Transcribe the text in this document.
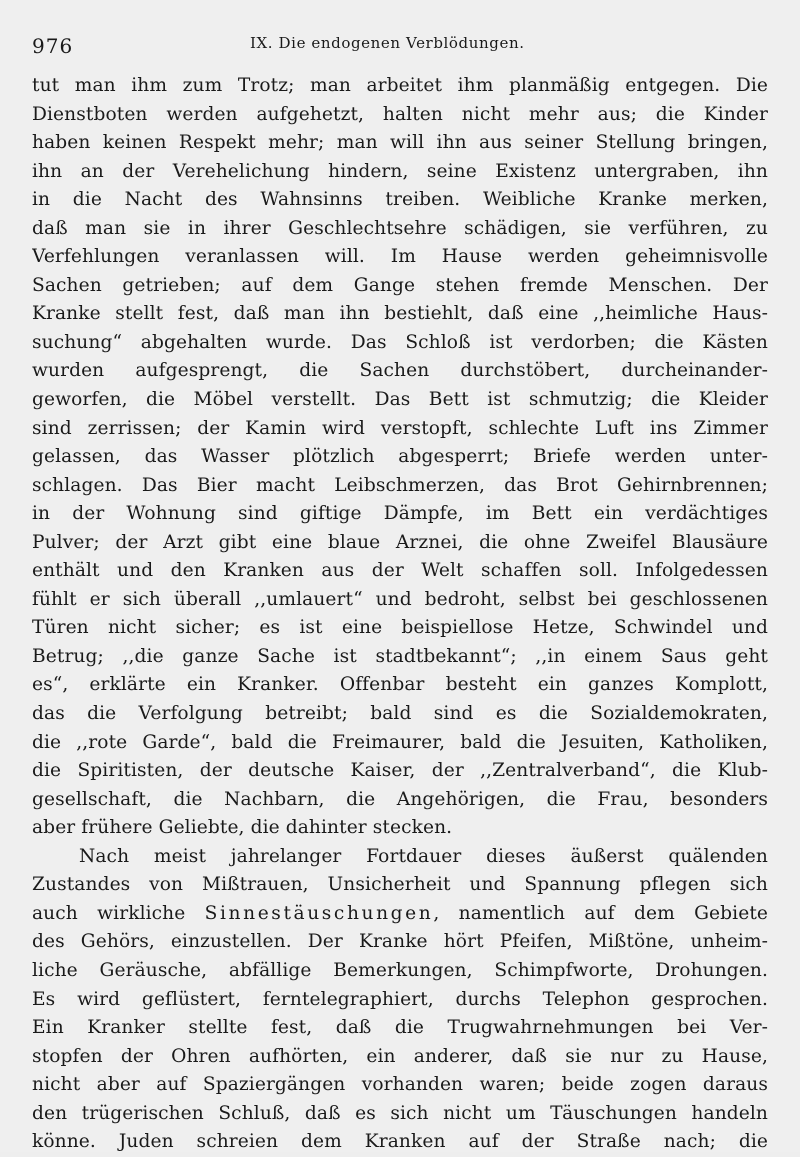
976	IX. Die endogenen Verblödungen.
tut man ihm zum Trotz; man arbeitet ihm planmäßig entgegen. Die
Dienstboten werden aufgehetzt, halten nicht mehr aus; die Kinder
haben keinen Respekt mehr; man will ihn aus seiner Stellung bringen,
ihn an der Verehelichung hindern, seine Existenz untergraben, ihn
in die Nacht des Wahnsinns treiben. Weibliche Kranke merken,
daß man sie in ihrer Geschlechtsehre schädigen, sie verführen, zu
Verfehlungen veranlassen will. Im Hause werden geheimnisvolle
Sachen getrieben; auf dem Gange stehen fremde Menschen. Der
Kranke stellt fest, daß man ihn bestiehlt, daß eine ,,heimliche Haus-
suchung“ abgehalten wurde. Das Schloß ist verdorben; die Kästen
wurden aufgesprengt, die Sachen durchstöbert, durcheinander-
geworfen, die Möbel verstellt. Das Bett ist schmutzig; die Kleider
sind zerrissen; der Kamin wird verstopft, schlechte Luft ins Zimmer
gelassen, das Wasser plötzlich abgesperrt; Briefe werden unter-
schlagen. Das Bier macht Leibschmerzen, das Brot Gehirnbrennen;
in der Wohnung sind giftige Dämpfe, im Bett ein verdächtiges
Pulver; der Arzt gibt eine blaue Arznei, die ohne Zweifel Blausäure
enthält und den Kranken aus der Welt schaffen soll. Infolgedessen
fühlt er sich überall ,,umlauert“ und bedroht, selbst bei geschlossenen
Türen nicht sicher; es ist eine beispiellose Hetze, Schwindel und
Betrug; ,,die ganze Sache ist stadtbekannt“; ,,in einem Saus geht
es“, erklärte ein Kranker. Offenbar besteht ein ganzes Komplott,
das die Verfolgung betreibt; bald sind es die Sozialdemokraten,
die ,,rote Garde“, bald die Freimaurer, bald die Jesuiten, Katholiken,
die Spiritisten, der deutsche Kaiser, der ,,Zentralverband“, die Klub-
gesellschaft, die Nachbarn, die Angehörigen, die Frau, besonders
aber frühere Geliebte, die dahinter stecken.
Nach meist jahrelanger Fortdauer dieses äußerst quälenden
Zustandes von Mißtrauen, Unsicherheit und Spannung pflegen sich
auch wirkliche Sinnestäuschungen, namentlich auf dem Gebiete
des Gehörs, einzustellen. Der Kranke hört Pfeifen, Mißtöne, unheim-
liche Geräusche, abfällige Bemerkungen, Schimpfworte, Drohungen.
Es wird geflüstert, ferntelegraphiert, durchs Telephon gesprochen.
Ein Kranker stellte fest, daß die Trugwahrnehmungen bei Ver-
stopfen der Ohren aufhörten, ein anderer, daß sie nur zu Hause,
nicht aber auf Spaziergängen vorhanden waren; beide zogen daraus
den trügerischen Schluß, daß es sich nicht um Täuschungen handeln
könne. Juden schreien dem Kranken auf der Straße nach; die
